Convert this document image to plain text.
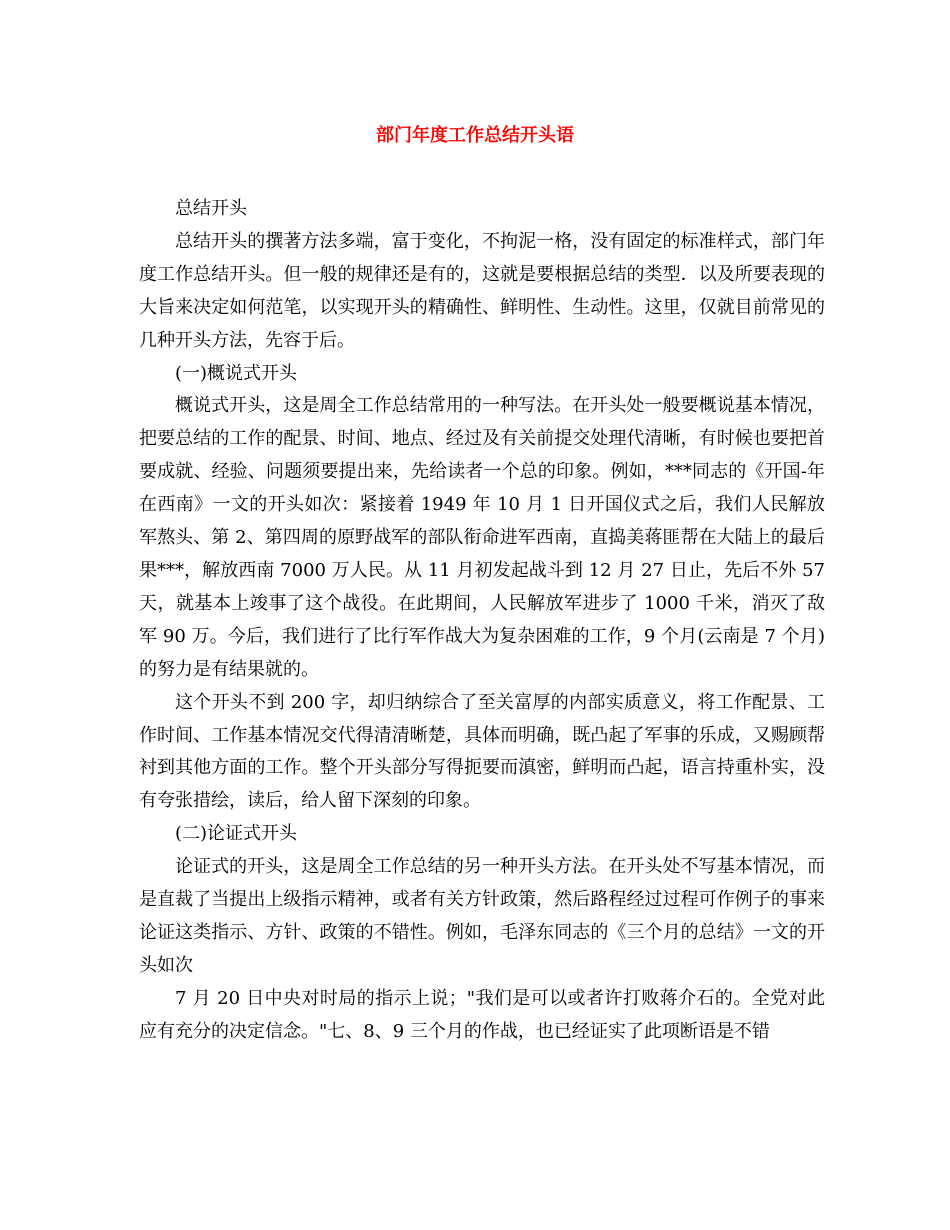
部门年度工作总结开头语

总结开头

总结开头的撰著方法多端，富于变化，不拘泥一格，没有固定的标准样式，部门年度工作总结开头。但一般的规律还是有的，这就是要根据总结的类型．以及所要表现的大旨来决定如何范笔，以实现开头的精确性、鲜明性、生动性。这里，仅就目前常见的几种开头方法，先容于后。

(一)概说式开头

概说式开头，这是周全工作总结常用的一种写法。在开头处一般要概说基本情况，把要总结的工作的配景、时间、地点、经过及有关前提交处理代清晰，有时候也要把首要成就、经验、问题须要提出来，先给读者一个总的印象。例如，***同志的《开国-年在西南》一文的开头如次：紧接着 1949 年 10 月 1 日开国仪式之后，我们人民解放军熬头、第 2、第四周的原野战军的部队衔命进军西南，直捣美蒋匪帮在大陆上的最后果***，解放西南 7000 万人民。从 11 月初发起战斗到 12 月 27 日止，先后不外 57 天，就基本上竣事了这个战役。在此期间，人民解放军进步了 1000 千米，消灭了敌军 90 万。今后，我们进行了比行军作战大为复杂困难的工作，9 个月(云南是 7 个月)的努力是有结果就的。

这个开头不到 200 字，却归纳综合了至关富厚的内部实质意义，将工作配景、工作时间、工作基本情况交代得清清晰楚，具体而明确，既凸起了军事的乐成，又赐顾帮衬到其他方面的工作。整个开头部分写得扼要而滇密，鲜明而凸起，语言持重朴实，没有夸张措绘，读后，给人留下深刻的印象。

(二)论证式开头

论证式的开头，这是周全工作总结的另一种开头方法。在开头处不写基本情况，而是直裁了当提出上级指示精神，或者有关方针政策，然后路程经过过程可作例子的事来论证这类指示、方针、政策的不错性。例如，毛泽东同志的《三个月的总结》一文的开头如次

7 月 20 日中央对时局的指示上说；"我们是可以或者许打败蒋介石的。全党对此应有充分的决定信念。"七、8、9 三个月的作战，也已经证实了此项断语是不错
